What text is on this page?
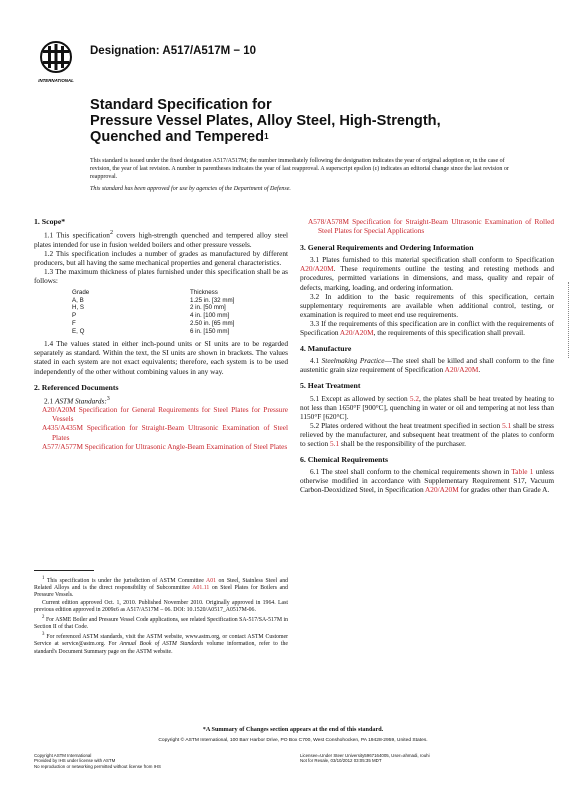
INTERNATIONAL
Designation: A517/A517M − 10
Standard Specification for
Pressure Vessel Plates, Alloy Steel, High-Strength,
Quenched and Tempered$^1$

This standard is issued under the fixed designation A517/A517M; the number immediately following the designation indicates the year of original adoption or, in the case of revision, the year of last revision. A number in parentheses indicates the year of last reapproval. A superscript epsilon (ε) indicates an editorial change since the last revision or reapproval.

This standard has been approved for use by agencies of the Department of Defense.

1. Scope*

1.1 This specification$^2$ covers high-strength quenched and tempered alloy steel plates intended for use in fusion welded boilers and other pressure vessels.

1.2 This specification includes a number of grades as manufactured by different producers, but all having the same mechanical properties and general characteristics.

1.3 The maximum thickness of plates furnished under this specification shall be as follows:

Grade	Thickness
A, B	1.25 in. [32 mm]
H, S	2 in. [50 mm]
P	4 in. [100 mm]
F	2.50 in. [65 mm]
E, Q	6 in. [150 mm]

1.4 The values stated in either inch-pound units or SI units are to be regarded separately as standard. Within the text, the SI units are shown in brackets. The values stated in each system are not exact equivalents; therefore, each system is to be used independently of the other without combining values in any way.

2. Referenced Documents

2.1 ASTM Standards:$^3$

A20/A20M Specification for General Requirements for Steel Plates for Pressure Vessels

A435/A435M Specification for Straight-Beam Ultrasonic Examination of Steel Plates

A577/A577M Specification for Ultrasonic Angle-Beam Examination of Steel Plates

$^1$ This specification is under the jurisdiction of ASTM Committee A01 on Steel, Stainless Steel and Related Alloys and is the direct responsibility of Subcommittee A01.11 on Steel Plates for Boilers and Pressure Vessels.

Current edition approved Oct. 1, 2010. Published November 2010. Originally approved in 1964. Last previous edition approved in 2009ε6 as A517/A517M – 06. DOI: 10.1520/A0517_A0517M-06.

$^2$ For ASME Boiler and Pressure Vessel Code applications, see related Specification SA-517/SA-517M in Section II of that Code.

$^3$ For referenced ASTM standards, visit the ASTM website, www.astm.org, or contact ASTM Customer Service at service@astm.org. For Annual Book of ASTM Standards volume information, refer to the standard's Document Summary page on the ASTM website.

A578/A578M Specification for Straight-Beam Ultrasonic Examination of Rolled Steel Plates for Special Applications

3. General Requirements and Ordering Information

3.1 Plates furnished to this material specification shall conform to Specification A20/A20M. These requirements outline the testing and retesting methods and procedures, permitted variations in dimensions, and mass, quality and repair of defects, marking, loading, and ordering information.

3.2 In addition to the basic requirements of this specification, certain supplementary requirements are available when additional control, testing, or examination is required to meet end use requirements.

3.3 If the requirements of this specification are in conflict with the requirements of Specification A20/A20M, the requirements of this specification shall prevail.

4. Manufacture

4.1 Steelmaking Practice—The steel shall be killed and shall conform to the fine austenitic grain size requirement of Specification A20/A20M.

5. Heat Treatment

5.1 Except as allowed by section 5.2, the plates shall be heat treated by heating to not less than 1650°F [900°C], quenching in water or oil and tempering at not less than 1150°F [620°C].

5.2 Plates ordered without the heat treatment specified in section 5.1 shall be stress relieved by the manufacturer, and subsequent heat treatment of the plates to conform to section 5.1 shall be the responsibility of the purchaser.

6. Chemical Requirements

6.1 The steel shall conform to the chemical requirements shown in Table 1 unless otherwise modified in accordance with Supplementary Requirement S17, Vacuum Carbon-Deoxidized Steel, in Specification A20/A20M for grades other than Grade A.

*A Summary of Changes section appears at the end of this standard.
Copyright © ASTM International, 100 Barr Harbor Drive, PO Box C700, West Conshohocken, PA 19428-2959, United States.
Copyright ASTM International
Provided by IHS under license with ASTM
No reproduction or networking permitted without license from IHS
Licensee=Under Steer University5967164005, User=ahmadi, rouhi
Not for Resale, 03/10/2012 03:05:35 MDT
